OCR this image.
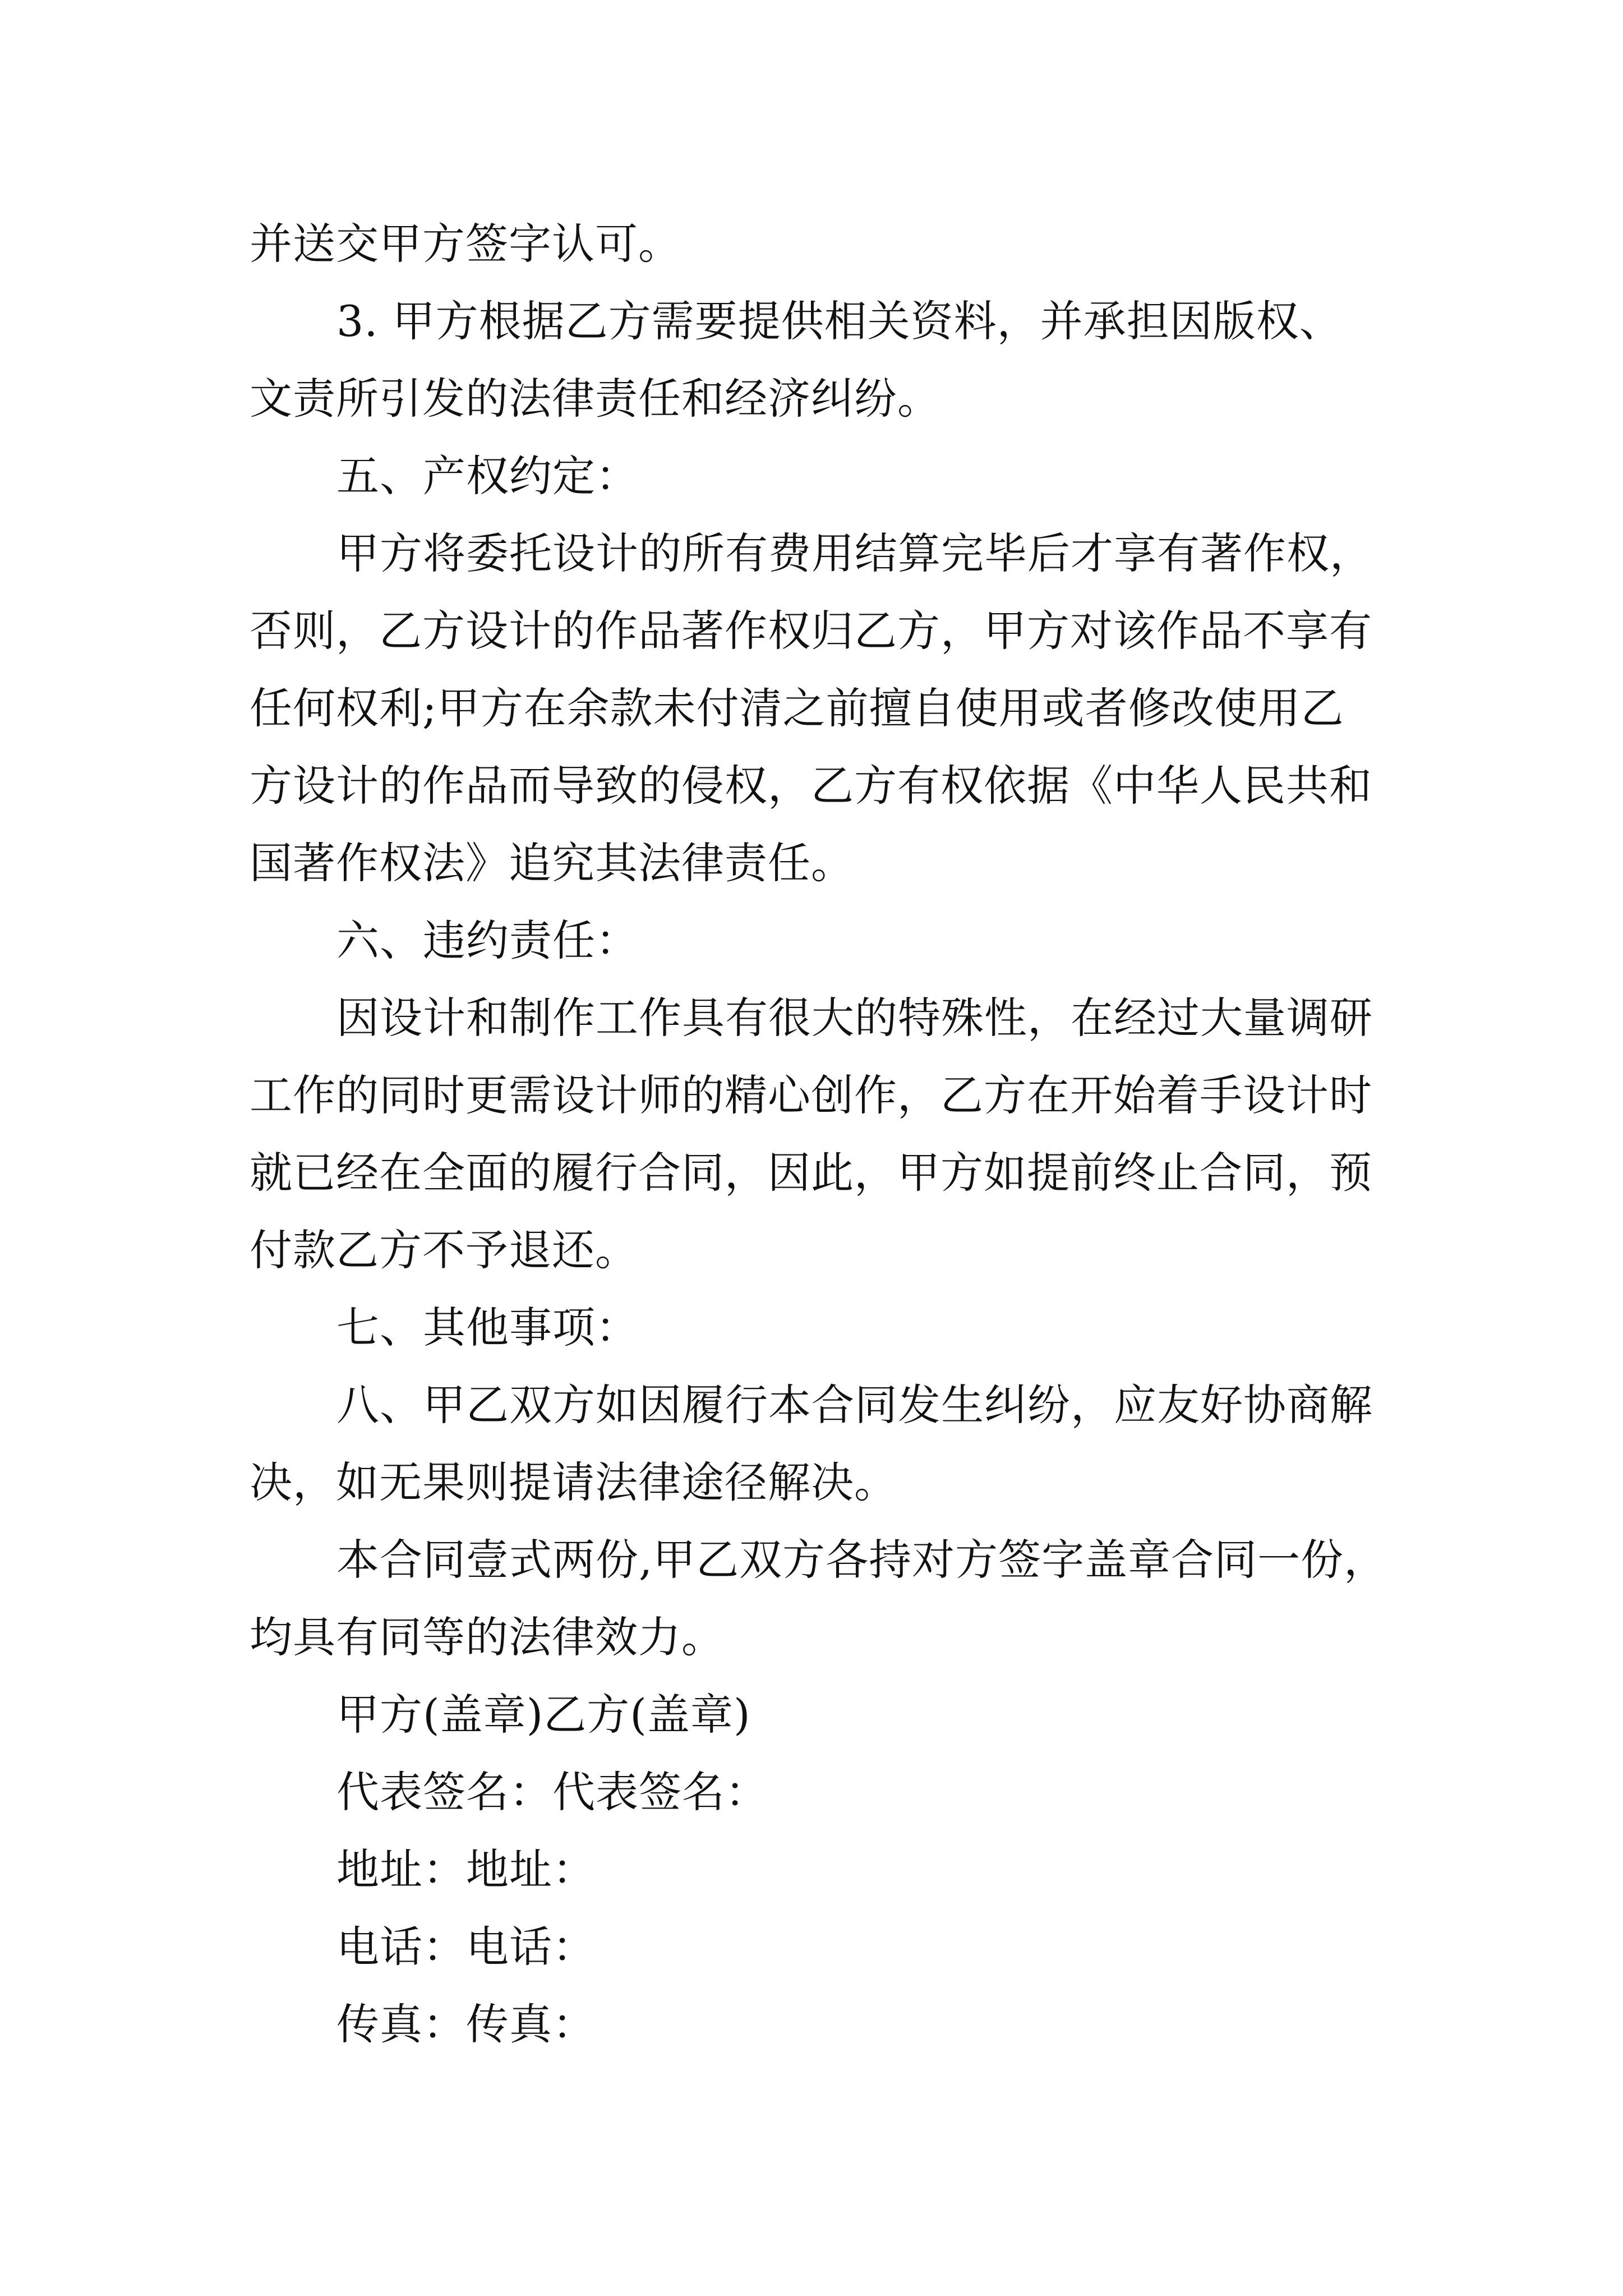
并送交甲方签字认可。
3. 甲方根据乙方需要提供相关资料，并承担因版权、
文责所引发的法律责任和经济纠纷。
五、产权约定：
甲方将委托设计的所有费用结算完毕后才享有著作权，
否则，乙方设计的作品著作权归乙方，甲方对该作品不享有
任何权利;甲方在余款未付清之前擅自使用或者修改使用乙
方设计的作品而导致的侵权，乙方有权依据《中华人民共和
国著作权法》追究其法律责任。
六、违约责任：
因设计和制作工作具有很大的特殊性，在经过大量调研
工作的同时更需设计师的精心创作，乙方在开始着手设计时
就已经在全面的履行合同，因此，甲方如提前终止合同，预
付款乙方不予退还。
七、其他事项：
八、甲乙双方如因履行本合同发生纠纷，应友好协商解
决，如无果则提请法律途径解决。
本合同壹式两份,甲乙双方各持对方签字盖章合同一份，
均具有同等的法律效力。
甲方(盖章)乙方(盖章)
代表签名：代表签名：
地址：地址：
电话：电话：
传真：传真：
